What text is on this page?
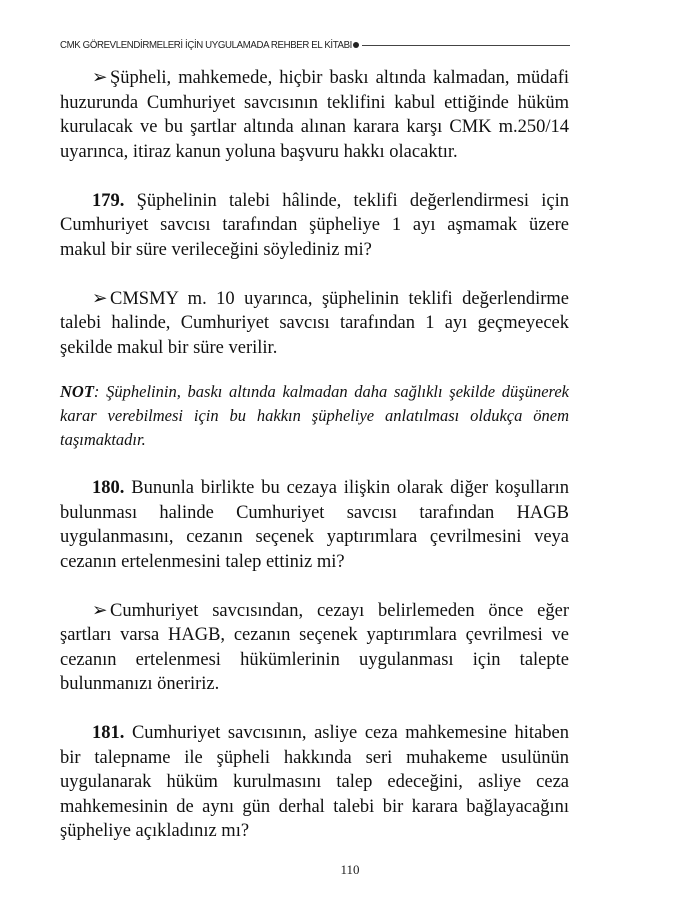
CMK GÖREVLENDİRMELERİ İÇİN UYGULAMADA REHBER EL KİTABI

➢ Şüpheli, mahkemede, hiçbir baskı altında kalmadan, müdafi huzurunda Cumhuriyet savcısının teklifini kabul ettiğinde hüküm kurulacak ve bu şartlar altında alınan karara karşı CMK m.250/14 uyarınca, itiraz kanun yoluna başvuru hakkı olacaktır.

179. Şüphelinin talebi hâlinde, teklifi değerlendirmesi için Cumhuriyet savcısı tarafından şüpheliye 1 ayı aşmamak üzere makul bir süre verileceğini söylediniz mi?

➢ CMSMY m. 10 uyarınca, şüphelinin teklifi değerlendirme talebi halinde, Cumhuriyet savcısı tarafından 1 ayı geçmeyecek şekilde makul bir süre verilir.

NOT: Şüphelinin, baskı altında kalmadan daha sağlıklı şekilde düşünerek karar verebilmesi için bu hakkın şüpheliye anlatılması oldukça önem taşımaktadır.

180. Bununla birlikte bu cezaya ilişkin olarak diğer koşulların bulunması halinde Cumhuriyet savcısı tarafından HAGB uygulanmasını, cezanın seçenek yaptırımlara çevrilmesini veya cezanın ertelenmesini talep ettiniz mi?

➢ Cumhuriyet savcısından, cezayı belirlemeden önce eğer şartları varsa HAGB, cezanın seçenek yaptırımlara çevrilmesi ve cezanın ertelenmesi hükümlerinin uygulanması için talepte bulunmanızı öneririz.

181. Cumhuriyet savcısının, asliye ceza mahkemesine hitaben bir talepname ile şüpheli hakkında seri muhakeme usulünün uygulanarak hüküm kurulmasını talep edeceğini, asliye ceza mahkemesinin de aynı gün derhal talebi bir karara bağlayacağını şüpheliye açıkladınız mı?

110
